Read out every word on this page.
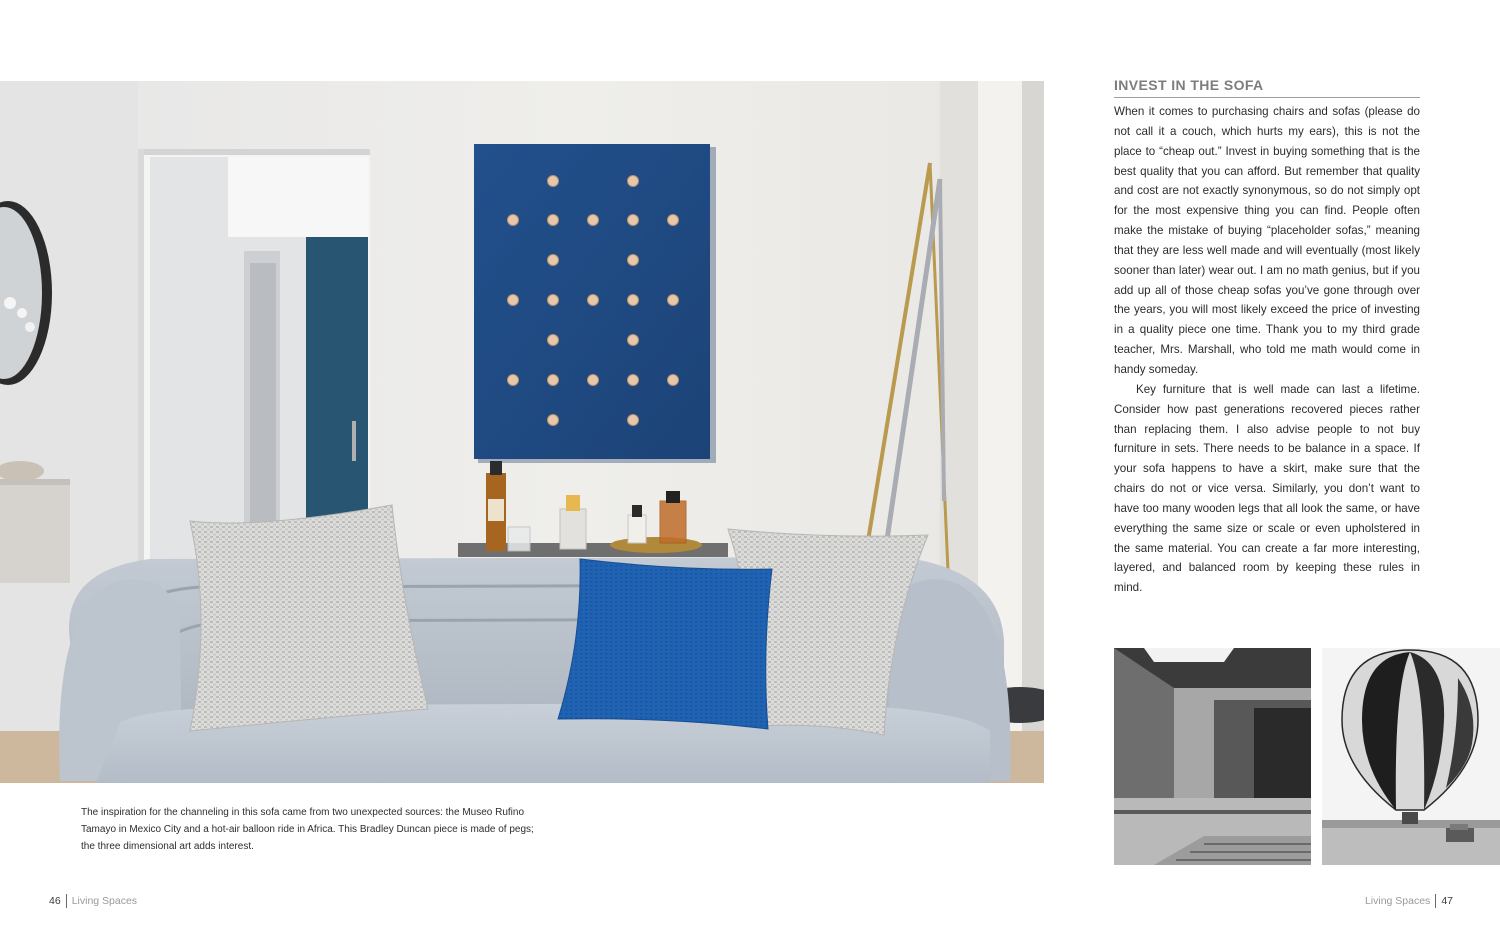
The inspiration for the channeling in this sofa came from two unexpected sources: the Museo Rufino Tamayo in Mexico City and a hot-air balloon ride in Africa. This Bradley Duncan piece is made of pegs; the three dimensional art adds interest.

INVEST IN THE SOFA

When it comes to purchasing chairs and sofas (please do not call it a couch, which hurts my ears), this is not the place to “cheap out.” Invest in buying something that is the best quality that you can afford. But remember that quality and cost are not exactly synonymous, so do not simply opt for the most expensive thing you can find. People often make the mistake of buying “placeholder sofas,” meaning that they are less well made and will eventually (most likely sooner than later) wear out. I am no math genius, but if you add up all of those cheap sofas you’ve gone through over the years, you will most likely exceed the price of investing in a quality piece one time. Thank you to my third grade teacher, Mrs. Marshall, who told me math would come in handy someday.

Key furniture that is well made can last a lifetime. Consider how past generations recovered pieces rather than replacing them. I also advise people to not buy furniture in sets. There needs to be balance in a space. If your sofa happens to have a skirt, make sure that the chairs do not or vice versa. Similarly, you don’t want to have too many wooden legs that all look the same, or have everything the same size or scale or even upholstered in the same material. You can create a far more interesting, layered, and balanced room by keeping these rules in mind.

46 Living Spaces	Living Spaces 47
